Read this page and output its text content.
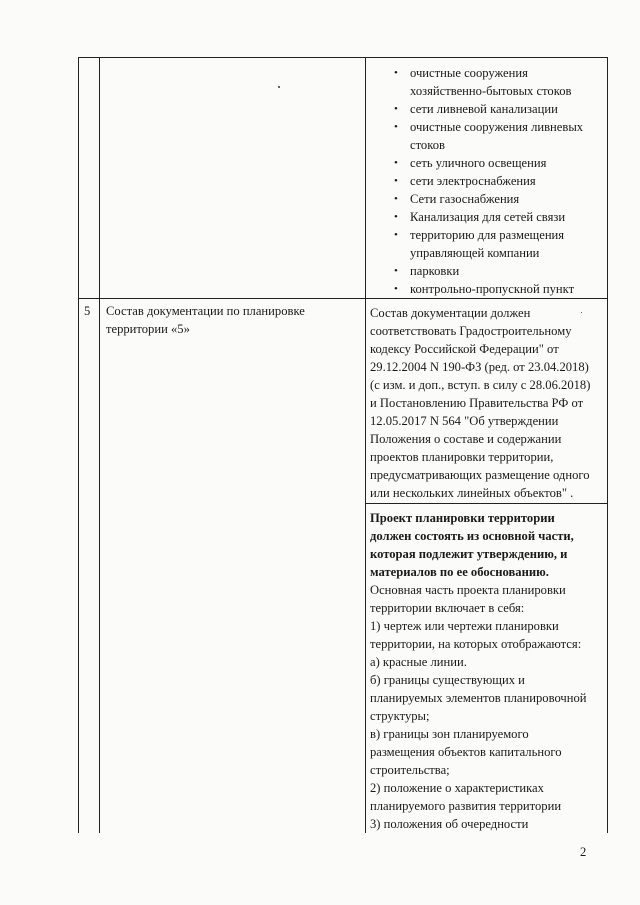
• очистные сооружения
хозяйственно-бытовых стоков
• сети ливневой канализации
• очистные сооружения ливневых
стоков
• сеть уличного освещения
• сети электроснабжения
• Сети газоснабжения
• Канализация для сетей связи
• территорию для размещения
управляющей компании
• парковки
• контрольно-пропускной пункт
5 Состав документации по планировке
территории «5»

Состав документации должен

соответствовать Градостроительному

кодексу Российской Федерации" от

29.12.2004 N 190-ФЗ (ред. от 23.04.2018)

(с изм. и доп., вступ. в силу с 28.06.2018)

и Постановлению Правительства РФ от

12.05.2017 N 564 "Об утверждении

Положения о составе и содержании

проектов планировки территории,

предусматривающих размещение одного

или нескольких линейных объектов" .

Проект планировки территории

должен состоять из основной части,

которая подлежит утверждению, и

материалов по ее обоснованию.

Основная часть проекта планировки

территории включает в себя:

1) чертеж или чертежи планировки

территории, на которых отображаются:

а) красные линии.

б) границы существующих и

планируемых элементов планировочной

структуры;

в) границы зон планируемого

размещения объектов капитального

строительства;

2) положение о характеристиках

планируемого развития территории

3) положения об очередности

2
